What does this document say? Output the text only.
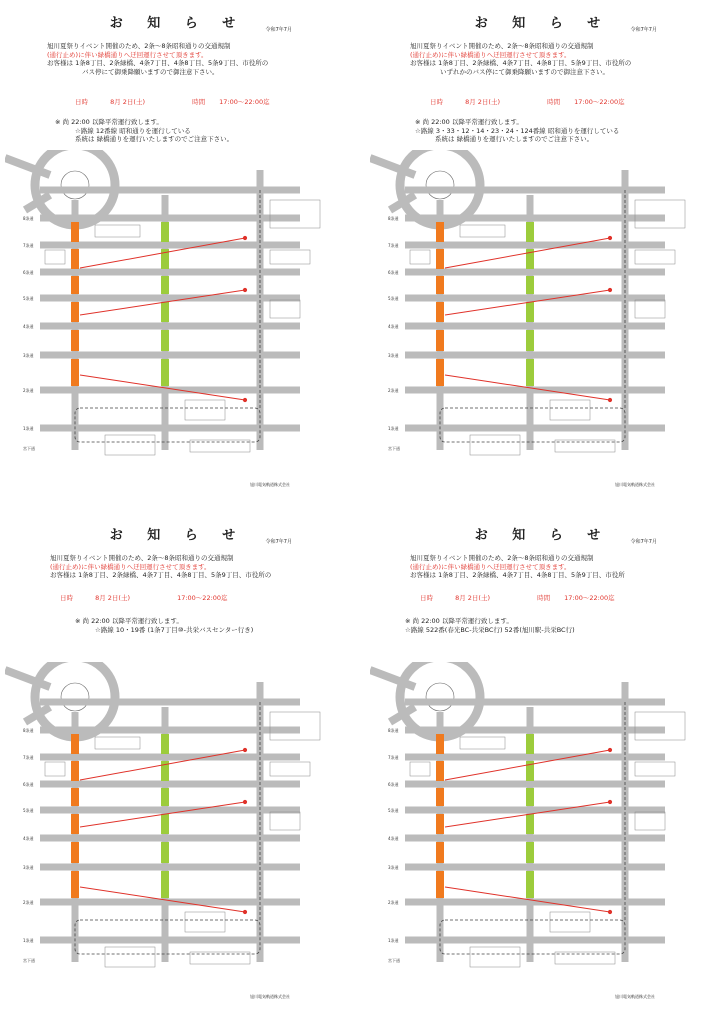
お 知 ら せ	令和7年7月
旭川夏祭りイベント開催のため、2条～8条昭和通りの交通規制
(通行止め)に伴い緑橋通りへ迂回運行させて頂きます。
お客様は 1条8丁目、2条緑橋、4条7丁目、4条8丁目、5条9丁目、市役所の
バス停にて御乗降願いますので御注意下さい。
日時	8月 2日(土)	時間 17:00～22:00迄
※ 尚 22:00 以降平常運行致します。
☆路線 12番線 昭和通りを運行している
系統は 緑橋通りを運行いたしますのでご注意下さい。
8条通
7条通
6条通
5条通
4条通
3条通
2条通
1条通
宮下通
旭川電気軌道株式会社
お 知 ら せ	令和7年7月
旭川夏祭りイベント開催のため、2条～8条昭和通りの交通規制
(通行止め)に伴い緑橋通りへ迂回運行させて頂きます。
お客様は 1条8丁目、2条緑橋、4条7丁目、4条8丁目、5条9丁目、市役所の
いずれかのバス停にて御乗降願いますので御注意下さい。
日時	8月 2日(土)	時間 17:00～22:00迄
※ 尚 22:00 以降平常運行致します。
☆路線 3・33・12・14・23・24・124番線 昭和通りを運行している
系統は 緑橋通りを運行いたしますのでご注意下さい。
8条通
7条通
6条通
5条通
4条通
3条通
2条通
1条通
宮下通
旭川電気軌道株式会社
お 知 ら せ	令和7年7月
旭川夏祭りイベント開催のため、2条～8条昭和通りの交通規制
(通行止め)に伴い緑橋通りへ迂回運行させて頂きます。
お客様は 1条8丁目、2条緑橋、4条7丁目、4条8丁目、5条9丁目、市役所の
日時	8月 2日(土)	17:00～22:00迄
※ 尚 22:00 以降平常運行致します。
☆路線 10・19番 (1条7丁目⑩-共栄バスセンター行き)
8条通
7条通
6条通
5条通
4条通
3条通
2条通
1条通
宮下通
旭川電気軌道株式会社
お 知 ら せ	令和7年7月
旭川夏祭りイベント開催のため、2条～8条昭和通りの交通規制
(通行止め)に伴い緑橋通りへ迂回運行させて頂きます。
お客様は 1条8丁目、2条緑橋、4条7丁目、4条8丁目、5条9丁目、市役所
日時	8月 2日(土)	時間 17:00～22:00迄
※ 尚 22:00 以降平常運行致します。
☆路線 522番(春光BC-共栄BC行) 52番(旭川駅-共栄BC行)
8条通
7条通
6条通
5条通
4条通
3条通
2条通
1条通
宮下通
旭川電気軌道株式会社
